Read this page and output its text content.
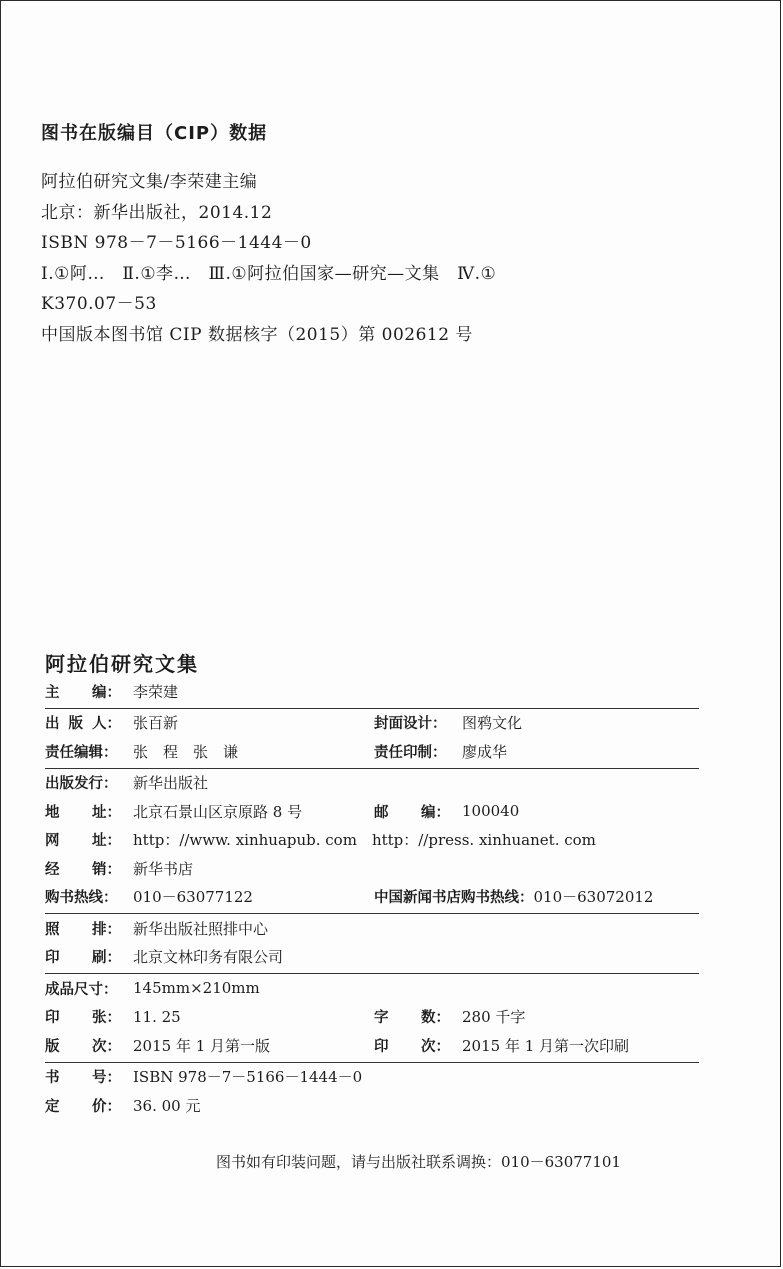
图书在版编目（CIP）数据
阿拉伯研究文集/李荣建主编
北京：新华出版社，2014.12
ISBN 978－7－5166－1444－0
Ⅰ.①阿…　Ⅱ.①李…　Ⅲ.①阿拉伯国家—研究—文集　Ⅳ.①
K370.07－53
中国版本图书馆 CIP 数据核字（2015）第 002612 号
阿拉伯研究文集
主 编： 李荣建
出 版 人： 张百新	封面设计：	图鸦文化
责任编辑：	张　程　张　谦	责任印制：	廖成华
出版发行：	新华出版社
地 址： 北京石景山区京原路 8 号	邮 编： 100040
网 址： http：//www. xinhuapub. com　http：//press. xinhuanet. com
经 销： 新华书店
购书热线：	010－63077122	中国新闻书店购书热线： 010－63072012
照 排： 新华出版社照排中心
印 刷： 北京文林印务有限公司
成品尺寸：	145mm×210mm
印 张： 11. 25	字 数： 280 千字
版 次： 2015 年 1 月第一版	印 次： 2015 年 1 月第一次印刷
书 号： ISBN 978－7－5166－1444－0
定 价： 36. 00 元
图书如有印装问题，请与出版社联系调换：010－63077101
